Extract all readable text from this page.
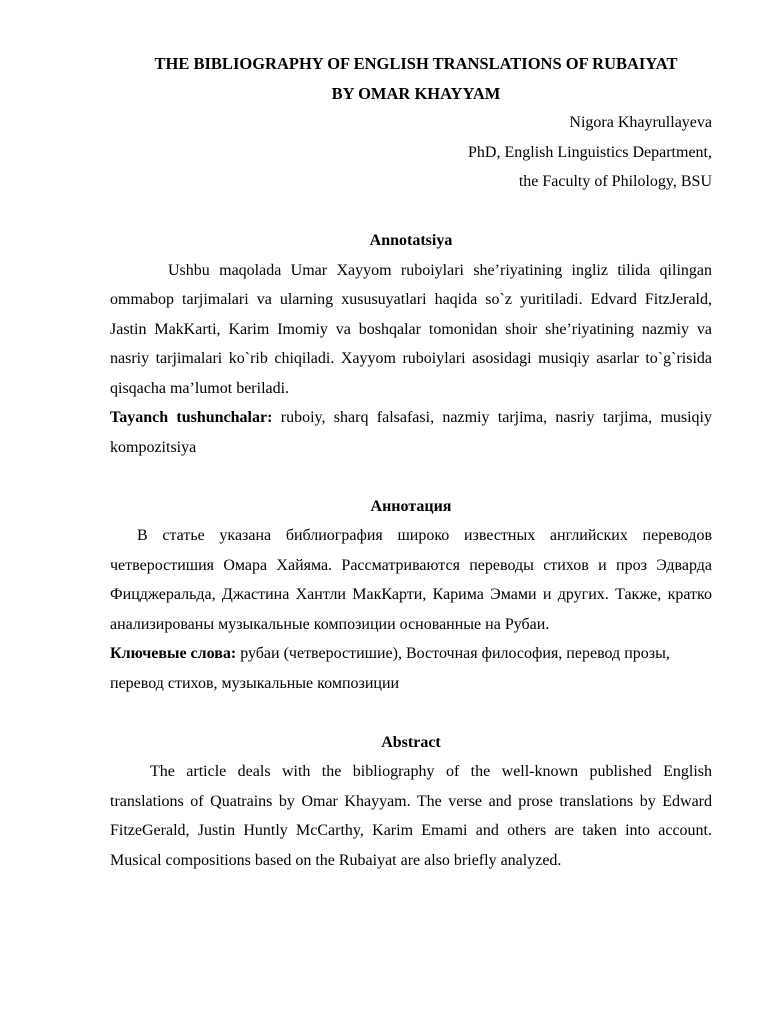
THE BIBLIOGRAPHY OF ENGLISH TRANSLATIONS OF RUBAIYAT
BY OMAR KHAYYAM
Nigora Khayrullayeva
PhD, English Linguistics Department,
the Faculty of Philology, BSU
Annotatsiya

Ushbu maqolada Umar Xayyom ruboiylari she’riyatining ingliz tilida qilingan ommabop tarjimalari va ularning xususuyatlari haqida so`z yuritiladi. Edvard FitzJerald, Jastin MakKarti, Karim Imomiy va boshqalar tomonidan shoir she’riyatining nazmiy va nasriy tarjimalari ko`rib chiqiladi. Xayyom ruboiylari asosidagi musiqiy asarlar to`g`risida qisqacha ma’lumot beriladi.

Tayanch tushunchalar: ruboiy, sharq falsafasi, nazmiy tarjima, nasriy tarjima, musiqiy kompozitsiya

Аннотация

В статье указана библиография широко известных английских переводов четверостишия Омара Хайяма. Рассматриваются переводы стихов и проз Эдварда Фицджеральда, Джастина Хантли МакКарти, Карима Эмами и других. Также, кратко анализированы музыкальные композиции основанные на Рубаи.

Ключевые слова: рубаи (четверостишие), Восточная философия, перевод прозы, перевод стихов, музыкальные композиции

Abstract

The article deals with the bibliography of the well-known published English translations of Quatrains by Omar Khayyam. The verse and prose translations by Edward FitzeGerald, Justin Huntly McCarthy, Karim Emami and others are taken into account. Musical compositions based on the Rubaiyat are also briefly analyzed.
